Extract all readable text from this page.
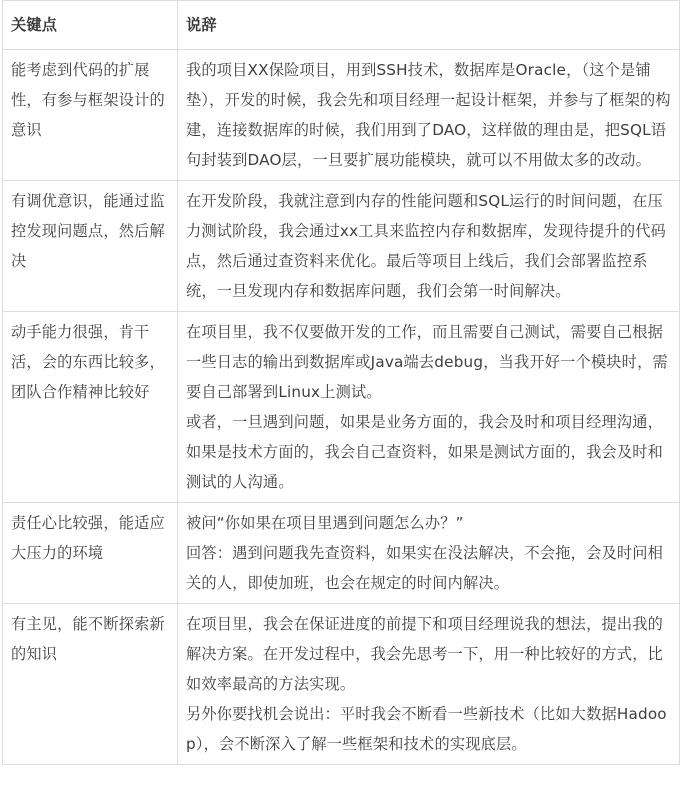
关键点	说辞
能考虑到代码的扩展性，有参与框架设计的意识	我的项目XX保险项目，用到SSH技术，数据库是Oracle，（这个是铺垫），开发的时候，我会先和项目经理一起设计框架，并参与了框架的构建，连接数据库的时候，我们用到了DAO，这样做的理由是，把SQL语句封装到DAO层，一旦要扩展功能模块，就可以不用做太多的改动。

有调优意识，能通过监控发现问题点，然后解决	在开发阶段，我就注意到内存的性能问题和SQL运行的时间问题，在压力测试阶段，我会通过xx工具来监控内存和数据库，发现待提升的代码点，然后通过查资料来优化。最后等项目上线后，我们会部署监控系统，一旦发现内存和数据库问题，我们会第一时间解决。

动手能力很强，肯干活，会的东西比较多，团队合作精神比较好	在项目里，我不仅要做开发的工作，而且需要自己测试，需要自己根据一些日志的输出到数据库或Java端去debug，当我开好一个模块时，需要自己部署到Linux上测试。
或者，一旦遇到问题，如果是业务方面的，我会及时和项目经理沟通，如果是技术方面的，我会自己查资料，如果是测试方面的，我会及时和测试的人沟通。

责任心比较强，能适应大压力的环境	被问“你如果在项目里遇到问题怎么办？”
回答：遇到问题我先查资料，如果实在没法解决，不会拖，会及时问相关的人，即使加班，也会在规定的时间内解决。

有主见，能不断探索新的知识	在项目里，我会在保证进度的前提下和项目经理说我的想法，提出我的解决方案。在开发过程中，我会先思考一下，用一种比较好的方式，比如效率最高的方法实现。
另外你要找机会说出：平时我会不断看一些新技术（比如大数据Hadoop），会不断深入了解一些框架和技术的实现底层。
